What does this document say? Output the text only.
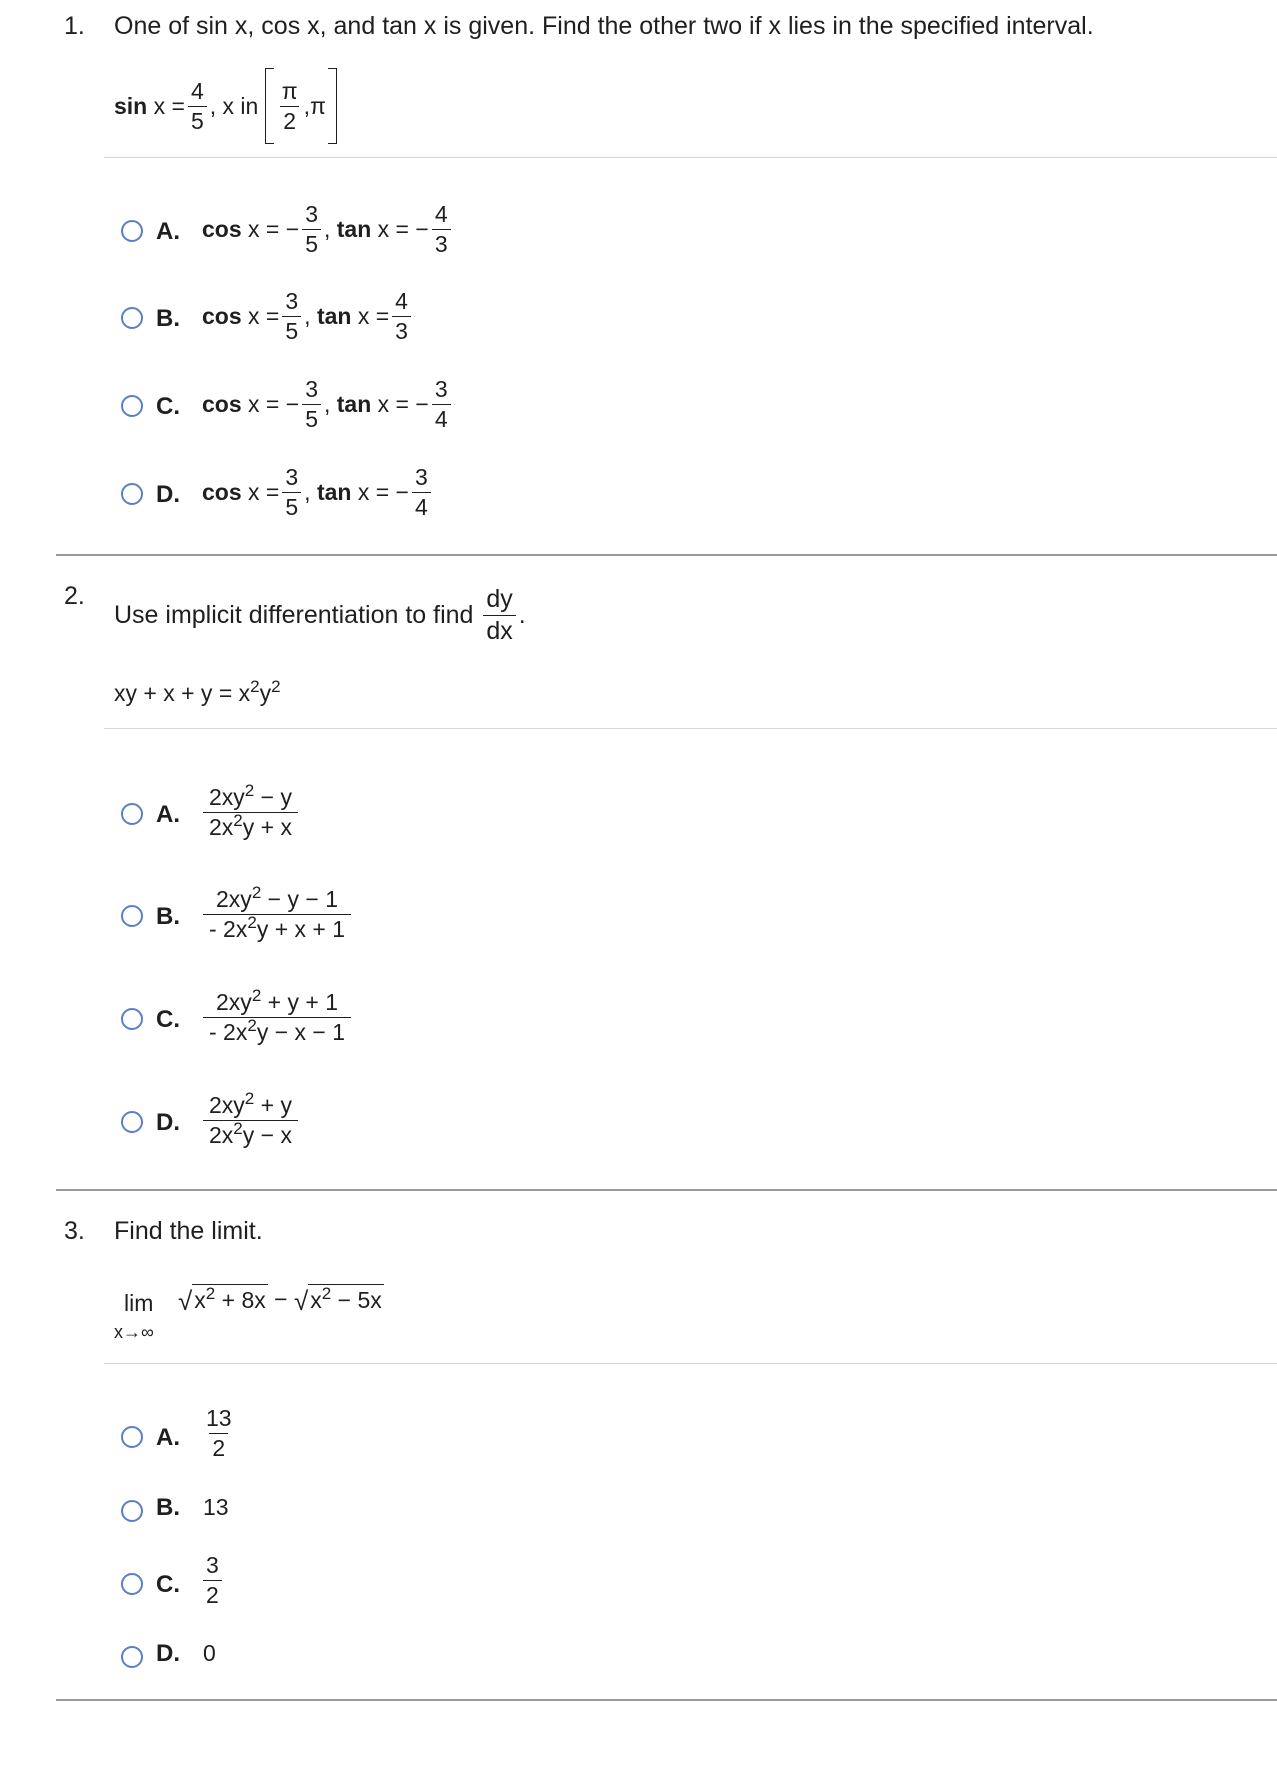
1. One of sin x, cos x, and tan x is given. Find the other two if x lies in the specified interval.
sin
$x = \frac{4}{5}$ , x in
$\frac{\pi}{2}$ , π
A. cos x = − $\frac{3}{5}$ , tan x = − $\frac{4}{3}$
B. $\cos x = \frac{3}{5}$ , $\tan x = \frac{4}{3}$
C. cos x = − $\frac{3}{5}$ , tan x = − $\frac{3}{4}$
D. $\cos x = \frac{3}{5}$ , tan x = − $\frac{3}{4}$
2.
Use implicit differentiation to find
$\frac{dy}{dx}$ .
xy + $x + y = x^2y^2$
A. $\frac{2xy^2 - y}{2x^2y + x}$
B. $\frac{2xy^2 - y - 1}{- 2x^2y + x + 1}$
C. $\frac{2xy^2 + y + 1}{- 2x^2y - x - 1}$
D. $\frac{2xy^2 + y}{2x^2y - x}$
3. Find the limit.
lim
x→∞
√ $x^2 + 8x$
−
√ $x^2 - 5x$
A. $\frac{13}{2}$
B. 13
C. $\frac{3}{2}$
D. 0
